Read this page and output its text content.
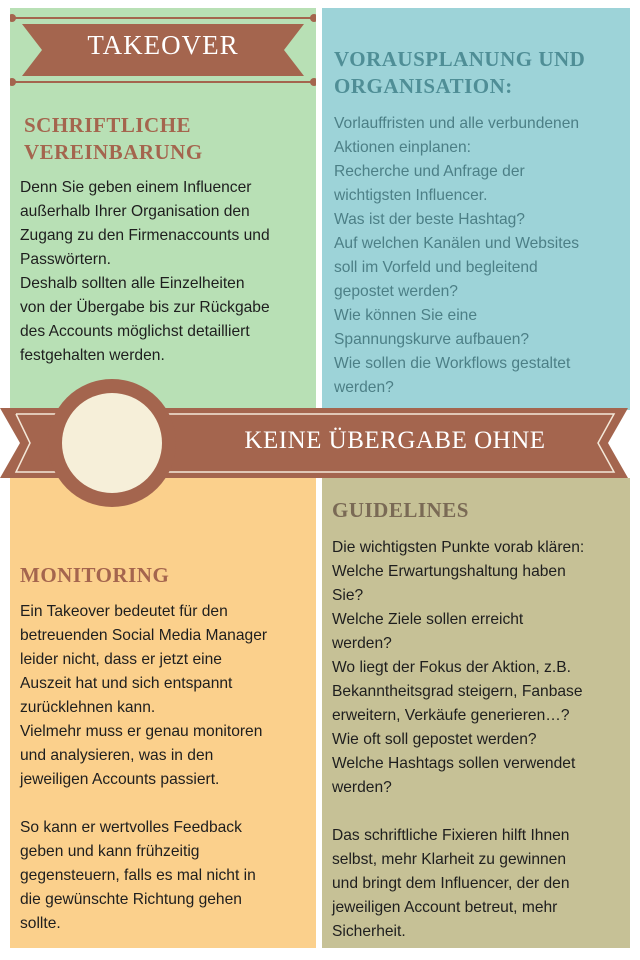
TAKEOVER
SCHRIFTLICHE
VEREINBARUNG

Denn Sie geben einem Influencer
außerhalb Ihrer Organisation den
Zugang zu den Firmenaccounts und
Passwörtern.
Deshalb sollten alle Einzelheiten
von der Übergabe bis zur Rückgabe
des Accounts möglichst detailliert
festgehalten werden.

VORAUSPLANUNG UND
ORGANISATION:

Vorlauffristen und alle verbundenen
Aktionen einplanen:
Recherche und Anfrage der
wichtigsten Influencer.
Was ist der beste Hashtag?
Auf welchen Kanälen und Websites
soll im Vorfeld und begleitend
gepostet werden?
Wie können Sie eine
Spannungskurve aufbauen?
Wie sollen die Workflows gestaltet
werden?

KEINE ÜBERGABE OHNE
MONITORING

Ein Takeover bedeutet für den
betreuenden Social Media Manager
leider nicht, dass er jetzt eine
Auszeit hat und sich entspannt
zurücklehnen kann.
Vielmehr muss er genau monitoren
und analysieren, was in den
jeweiligen Accounts passiert.

So kann er wertvolles Feedback
geben und kann frühzeitig
gegensteuern, falls es mal nicht in
die gewünschte Richtung gehen
sollte.

GUIDELINES

Die wichtigsten Punkte vorab klären:
Welche Erwartungshaltung haben
Sie?
Welche Ziele sollen erreicht
werden?
Wo liegt der Fokus der Aktion, z.B.
Bekanntheitsgrad steigern, Fanbase
erweitern, Verkäufe generieren…?
Wie oft soll gepostet werden?
Welche Hashtags sollen verwendet
werden?

Das schriftliche Fixieren hilft Ihnen
selbst, mehr Klarheit zu gewinnen
und bringt dem Influencer, der den
jeweiligen Account betreut, mehr
Sicherheit.
